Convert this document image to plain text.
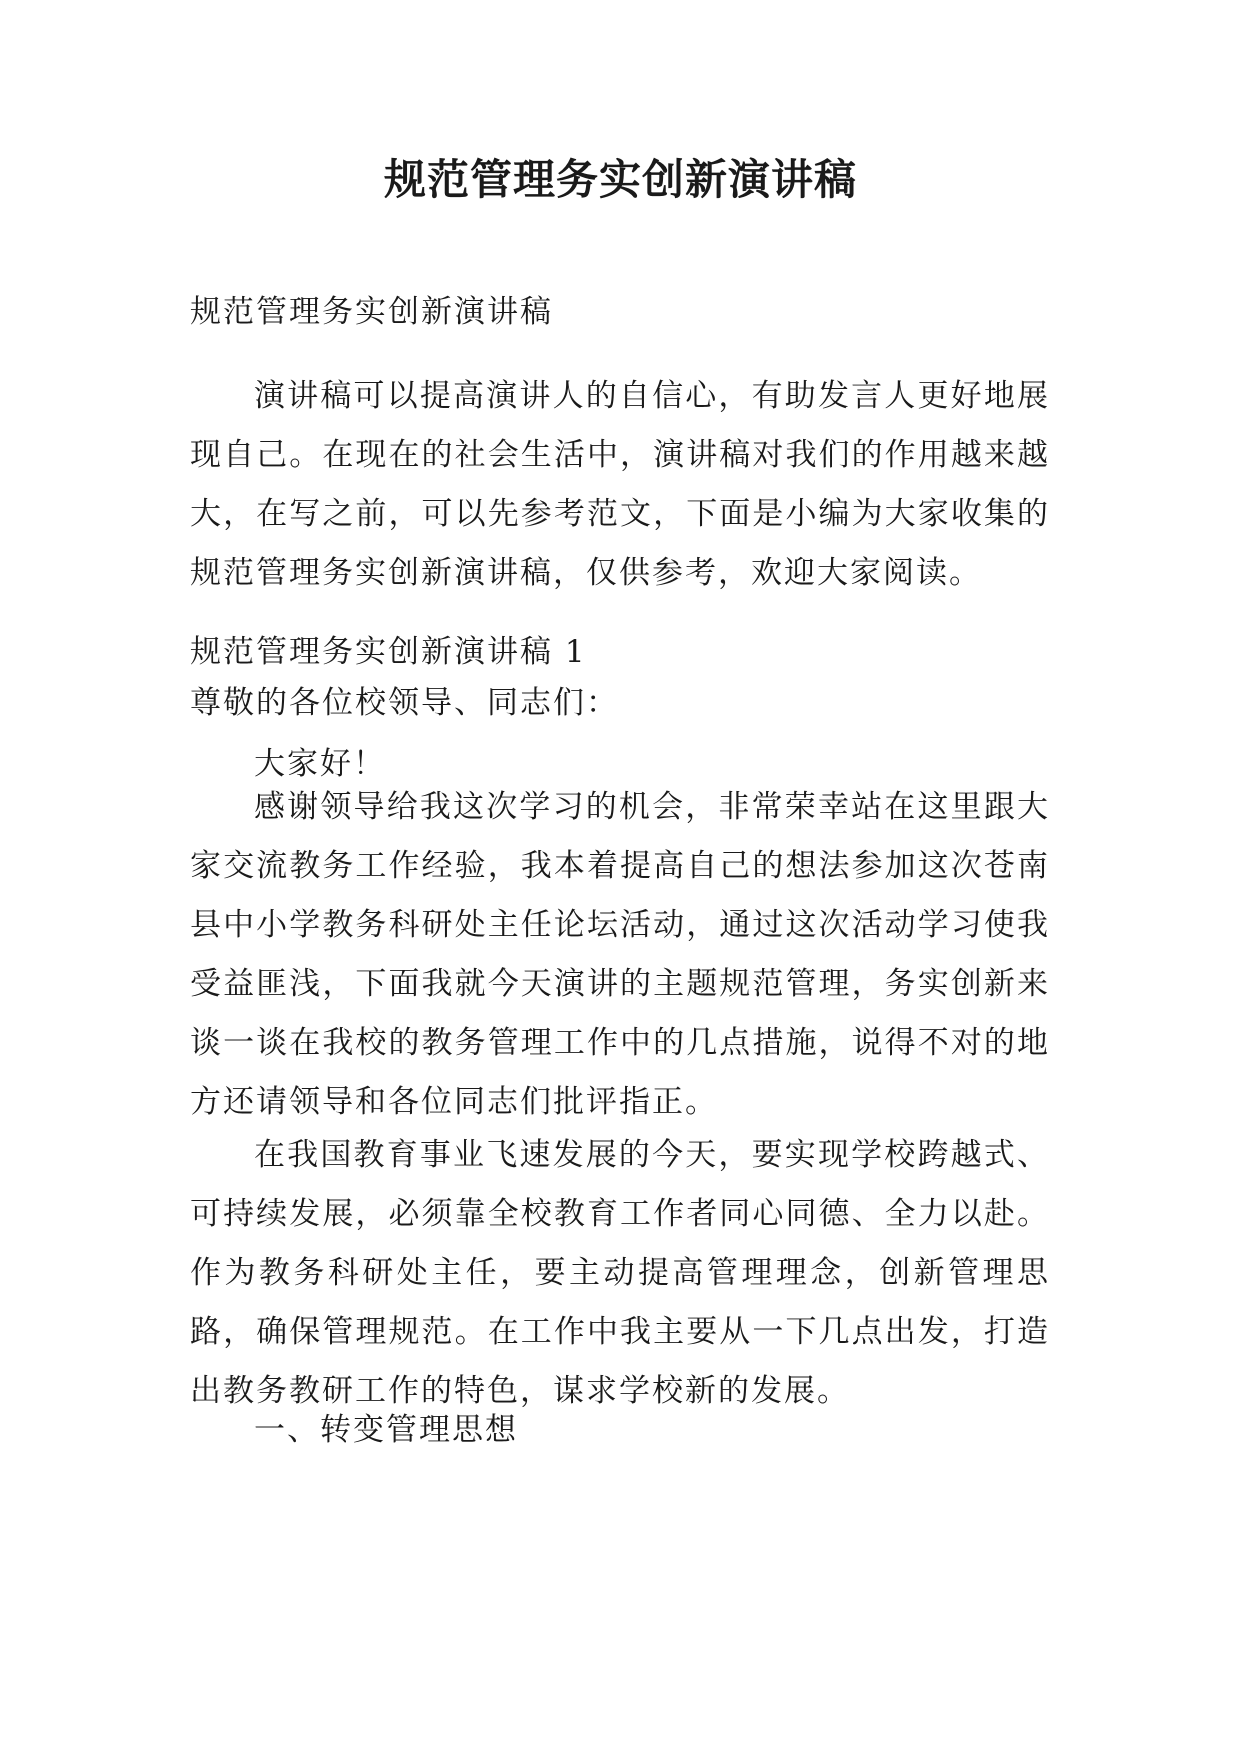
规范管理务实创新演讲稿

规范管理务实创新演讲稿

演讲稿可以提高演讲人的自信心，有助发言人更好地展现自己。在现在的社会生活中，演讲稿对我们的作用越来越大，在写之前，可以先参考范文，下面是小编为大家收集的规范管理务实创新演讲稿，仅供参考，欢迎大家阅读。

规范管理务实创新演讲稿 1

尊敬的各位校领导、同志们：

大家好！

感谢领导给我这次学习的机会，非常荣幸站在这里跟大家交流教务工作经验，我本着提高自己的想法参加这次苍南县中小学教务科研处主任论坛活动，通过这次活动学习使我受益匪浅，下面我就今天演讲的主题规范管理，务实创新来谈一谈在我校的教务管理工作中的几点措施，说得不对的地方还请领导和各位同志们批评指正。

在我国教育事业飞速发展的今天，要实现学校跨越式、可持续发展，必须靠全校教育工作者同心同德、全力以赴。作为教务科研处主任，要主动提高管理理念，创新管理思路，确保管理规范。在工作中我主要从一下几点出发，打造出教务教研工作的特色，谋求学校新的发展。

一、转变管理思想
